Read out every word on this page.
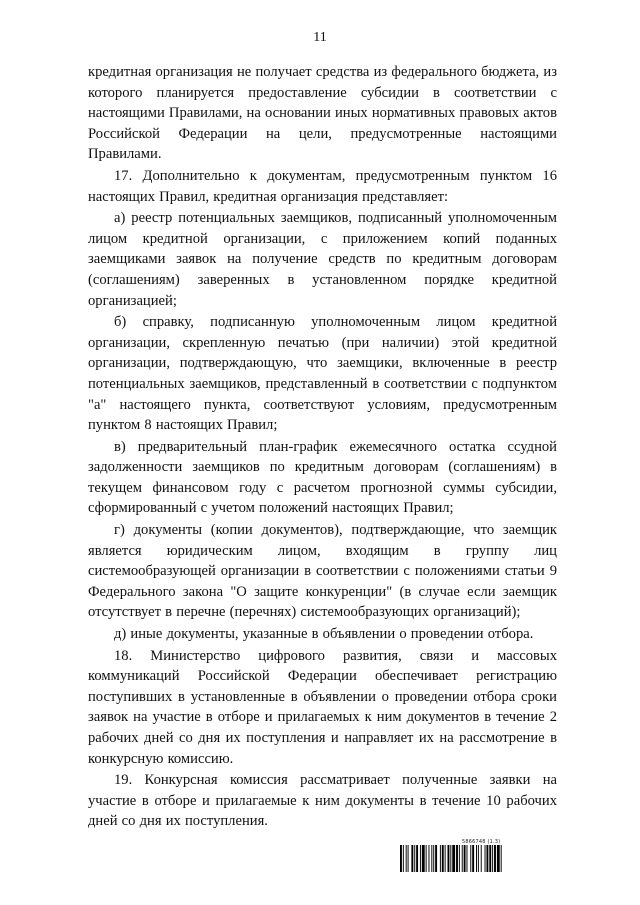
11

кредитная организация не получает средства из федерального бюджета, из которого планируется предоставление субсидии в соответствии с настоящими Правилами, на основании иных нормативных правовых актов Российской Федерации на цели, предусмотренные настоящими Правилами.

17. Дополнительно к документам, предусмотренным пунктом 16 настоящих Правил, кредитная организация представляет:

а) реестр потенциальных заемщиков, подписанный уполномоченным лицом кредитной организации, с приложением копий поданных заемщиками заявок на получение средств по кредитным договорам (соглашениям) заверенных в установленном порядке кредитной организацией;

б) справку, подписанную уполномоченным лицом кредитной организации, скрепленную печатью (при наличии) этой кредитной организации, подтверждающую, что заемщики, включенные в реестр потенциальных заемщиков, представленный в соответствии с подпунктом "а" настоящего пункта, соответствуют условиям, предусмотренным пунктом 8 настоящих Правил;

в) предварительный план-график ежемесячного остатка ссудной задолженности заемщиков по кредитным договорам (соглашениям) в текущем финансовом году с расчетом прогнозной суммы субсидии, сформированный с учетом положений настоящих Правил;

г) документы (копии документов), подтверждающие, что заемщик является юридическим лицом, входящим в группу лиц системообразующей организации в соответствии с положениями статьи 9 Федерального закона "О защите конкуренции" (в случае если заемщик отсутствует в перечне (перечнях) системообразующих организаций);

д) иные документы, указанные в объявлении о проведении отбора.

18. Министерство цифрового развития, связи и массовых коммуникаций Российской Федерации обеспечивает регистрацию поступивших в установленные в объявлении о проведении отбора сроки заявок на участие в отборе и прилагаемых к ним документов в течение 2 рабочих дней со дня их поступления и направляет их на рассмотрение в конкурсную комиссию.

19. Конкурсная комиссия рассматривает полученные заявки на участие в отборе и прилагаемые к ним документы в течение 10 рабочих дней со дня их поступления.

5866748 (1.3)
